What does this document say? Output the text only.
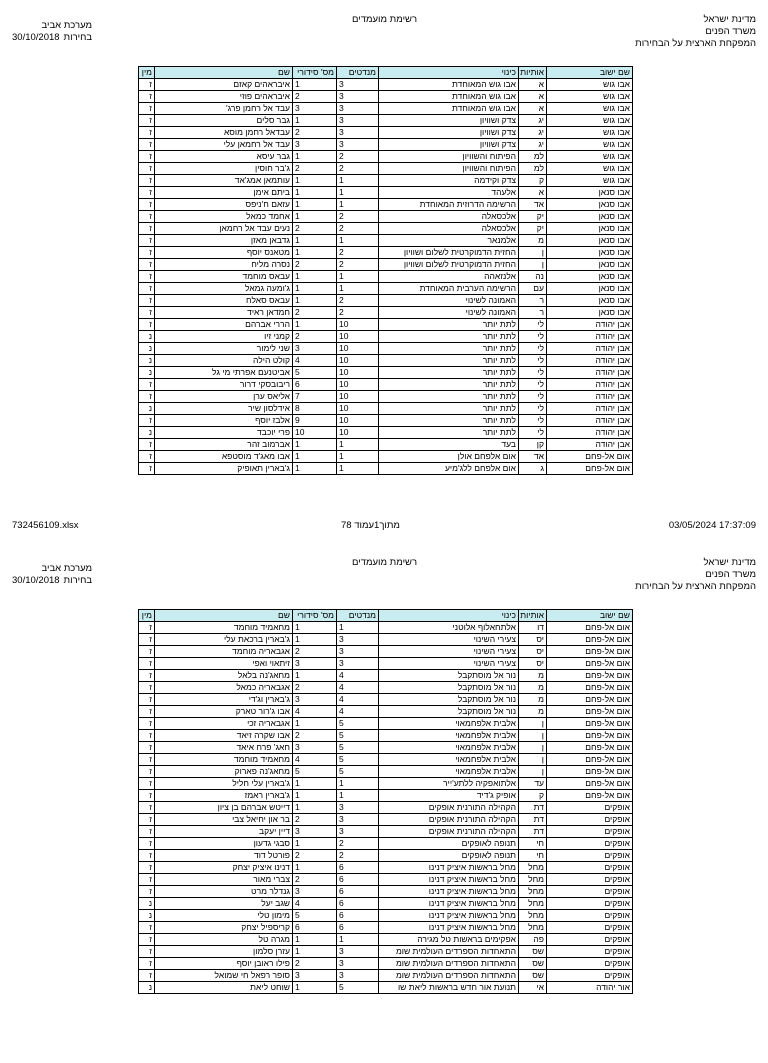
מדינת ישראל
משרד הפנים
המפקחת הארצית על הבחירות
רשימת מועמדים
מערכת אביב
בחירות
30/10/2018
שם ישוב	אותיות	כינוי	מנדטים	מס' סידורי	שם	מין
אבו גוש	א	אבו גוש המאוחדת	3	1	איבראהים קאזם	ז
אבו גוש	א	אבו גוש המאוחדת	3	2	איבראהים פוזי	ז
אבו גוש	א	אבו גוש המאוחדת	3	3	עבד אל רחמן פרג'	ז
אבו גוש	יג	צדק ושוויון	3	1	גבר סלים	ז
אבו גוש	יג	צדק ושוויון	3	2	עבדאל רחמן מוסא	ז
אבו גוש	יג	צדק ושוויון	3	3	עבד אל רחמאן עלי	ז
אבו גוש	למ	הפיתוח והשוויון	2	1	גבר עיסא	ז
אבו גוש	למ	הפיתוח והשוויון	2	2	ג'בר חוסין	ז
אבו גוש	ק	צדק וקידמה	1	1	עותמאן אמג'אד	ז
אבו סנאן	א	אלעהד	1	1	ביתם אימן	ז
אבו סנאן	אד	הרשימה הדרוזית המאוחדת	1	1	עזאם ח'ניפס	ז
אבו סנאן	יק	אלכסאלה	2	1	אחמד כמאל	ז
אבו סנאן	יק	אלכסאלה	2	2	נעים עבד אל רחמאן	ז
אבו סנאן	מ	אלמנאר	1	1	גדבאן מאזן	ז
אבו סנאן	ן	החזית הדמוקרטית לשלום ושוויון	2	1	מטאנס יוסף	ז
אבו סנאן	ן	החזית הדמוקרטית לשלום ושוויון	2	2	נסרה מליח	ז
אבו סנאן	נה	אלנזאהה	1	1	עבאס מוחמד	ז
אבו סנאן	עם	הרשימה הערבית המאוחדת	1	1	ג'ומעה גמאל	ז
אבו סנאן	ר	האמונה לשינוי	2	1	עבאס סאלח	ז
אבו סנאן	ר	האמונה לשינוי	2	2	חמדאן ראיד	ז
אבן יהודה	לי	לתת יותר	10	1	הררי אברהם	ז
אבן יהודה	לי	לתת יותר	10	2	קמני זיו	נ
אבן יהודה	לי	לתת יותר	10	3	שני לימור	נ
אבן יהודה	לי	לתת יותר	10	4	קולט הילה	נ
אבן יהודה	לי	לתת יותר	10	5	אביטנעם אפרתי מי גל	נ
אבן יהודה	לי	לתת יותר	10	6	ריבובסקי דרור	ז
אבן יהודה	לי	לתת יותר	10	7	אליאס ערן	ז
אבן יהודה	לי	לתת יותר	10	8	אידלסון שיר	נ
אבן יהודה	לי	לתת יותר	10	9	אלבז יוסף	ז
אבן יהודה	לי	לתת יותר	10	10	פרי יוכבד	נ
אבן יהודה	קן	בעד	1	1	אברמוב זהר	ז
אום אל-פחם	אד	אום אלפחם אולן	1	1	אבו מאג'ד מוסטפא	ז
אום אל-פחם	ג	אום אלפחם ללג'מיע	1	1	ג'בארין תאופיק	ז
732456109.xlsx	מתוך1עמוד 78	03/05/2024 17:37:09
מדינת ישראל
משרד הפנים
המפקחת הארצית על הבחירות
רשימת מועמדים
מערכת אביב
בחירות
30/10/2018
שם ישוב	אותיות	כינוי	מנדטים	מס' סידורי	שם	מין
אום אל-פחם	דו	אלתחאלוף אלוטני	1	1	מחאמיד מוחמד	ז
אום אל-פחם	יס	צעירי השינוי	3	1	ג'בארין ברכאת עלי	ז
אום אל-פחם	יס	צעירי השינוי	3	2	אגבאריה מוחמד	ז
אום אל-פחם	יס	צעירי השינוי	3	3	זיתאוי ואפי	ז
אום אל-פחם	מ	נור אל מוסתקבל	4	1	מחאג'נה בלאל	ז
אום אל-פחם	מ	נור אל מוסתקבל	4	2	אגבאריה כמאל	ז
אום אל-פחם	מ	נור אל מוסתקבל	4	3	ג'בארין וג'די	ז
אום אל-פחם	מ	נור אל מוסתקבל	4	4	אבו ג'רור טארק	ז
אום אל-פחם	ן	אלבית אלפחמאוי	5	1	אגבאריה זכי	ז
אום אל-פחם	ן	אלבית אלפחמאוי	5	2	אבו שקרה זיאד	ז
אום אל-פחם	ן	אלבית אלפחמאוי	5	3	חאג' פרח איאד	ז
אום אל-פחם	ן	אלבית אלפחמאוי	5	4	מחאמיד מוחמד	ז
אום אל-פחם	ן	אלבית אלפחמאוי	5	5	מחאג'נה פארוק	ז
אום אל-פחם	עד	אלתואפקיה ללתע'ייר	1	1	ג'בארין עלי חליל	ז
אום אל-פחם	ק	אופיק ג'דיד	1	1	ג'בארין ראמז	ז
אופקים	דת	הקהילה התורנית אופקים	3	1	דייטש אברהם בן ציון	ז
אופקים	דת	הקהילה התורנית אופקים	3	2	בר און יחיאל צבי	ז
אופקים	דת	הקהילה התורנית אופקים	3	3	דיין יעקב	ז
אופקים	חי	תנופה לאופקים	2	1	סבגי גדעון	ז
אופקים	חי	תנופה לאופקים	2	2	פורטל דוד	ז
אופקים	מחל	מחל בראשות איציק דנינו	6	1	דנינו איציק יצחק	ז
אופקים	מחל	מחל בראשות איציק דנינו	6	2	צברי מאור	ז
אופקים	מחל	מחל בראשות איציק דנינו	6	3	גנדלר מרט	ז
אופקים	מחל	מחל בראשות איציק דנינו	6	4	שגב יעל	נ
אופקים	מחל	מחל בראשות איציק דנינו	6	5	מימון טלי	נ
אופקים	מחל	מחל בראשות איציק דנינו	6	6	קריספיל יצחק	ז
אופקים	פה	אפקימים בראשות טל מגירה	1	1	מגרה טל	ז
אופקים	שס	התאחדות הספרדים העולמית שומ	3	1	עזרן סלמון	ז
אופקים	שס	התאחדות הספרדים העולמית שומ	3	2	פילו ראובן יוסף	ז
אופקים	שס	התאחדות הספרדים העולמית שומ	3	3	סופר רפאל חי שמואל	ז
אור יהודה	אי	תנועת אור חדש בראשות ליאת שו	5	1	שוחט ליאת	נ
